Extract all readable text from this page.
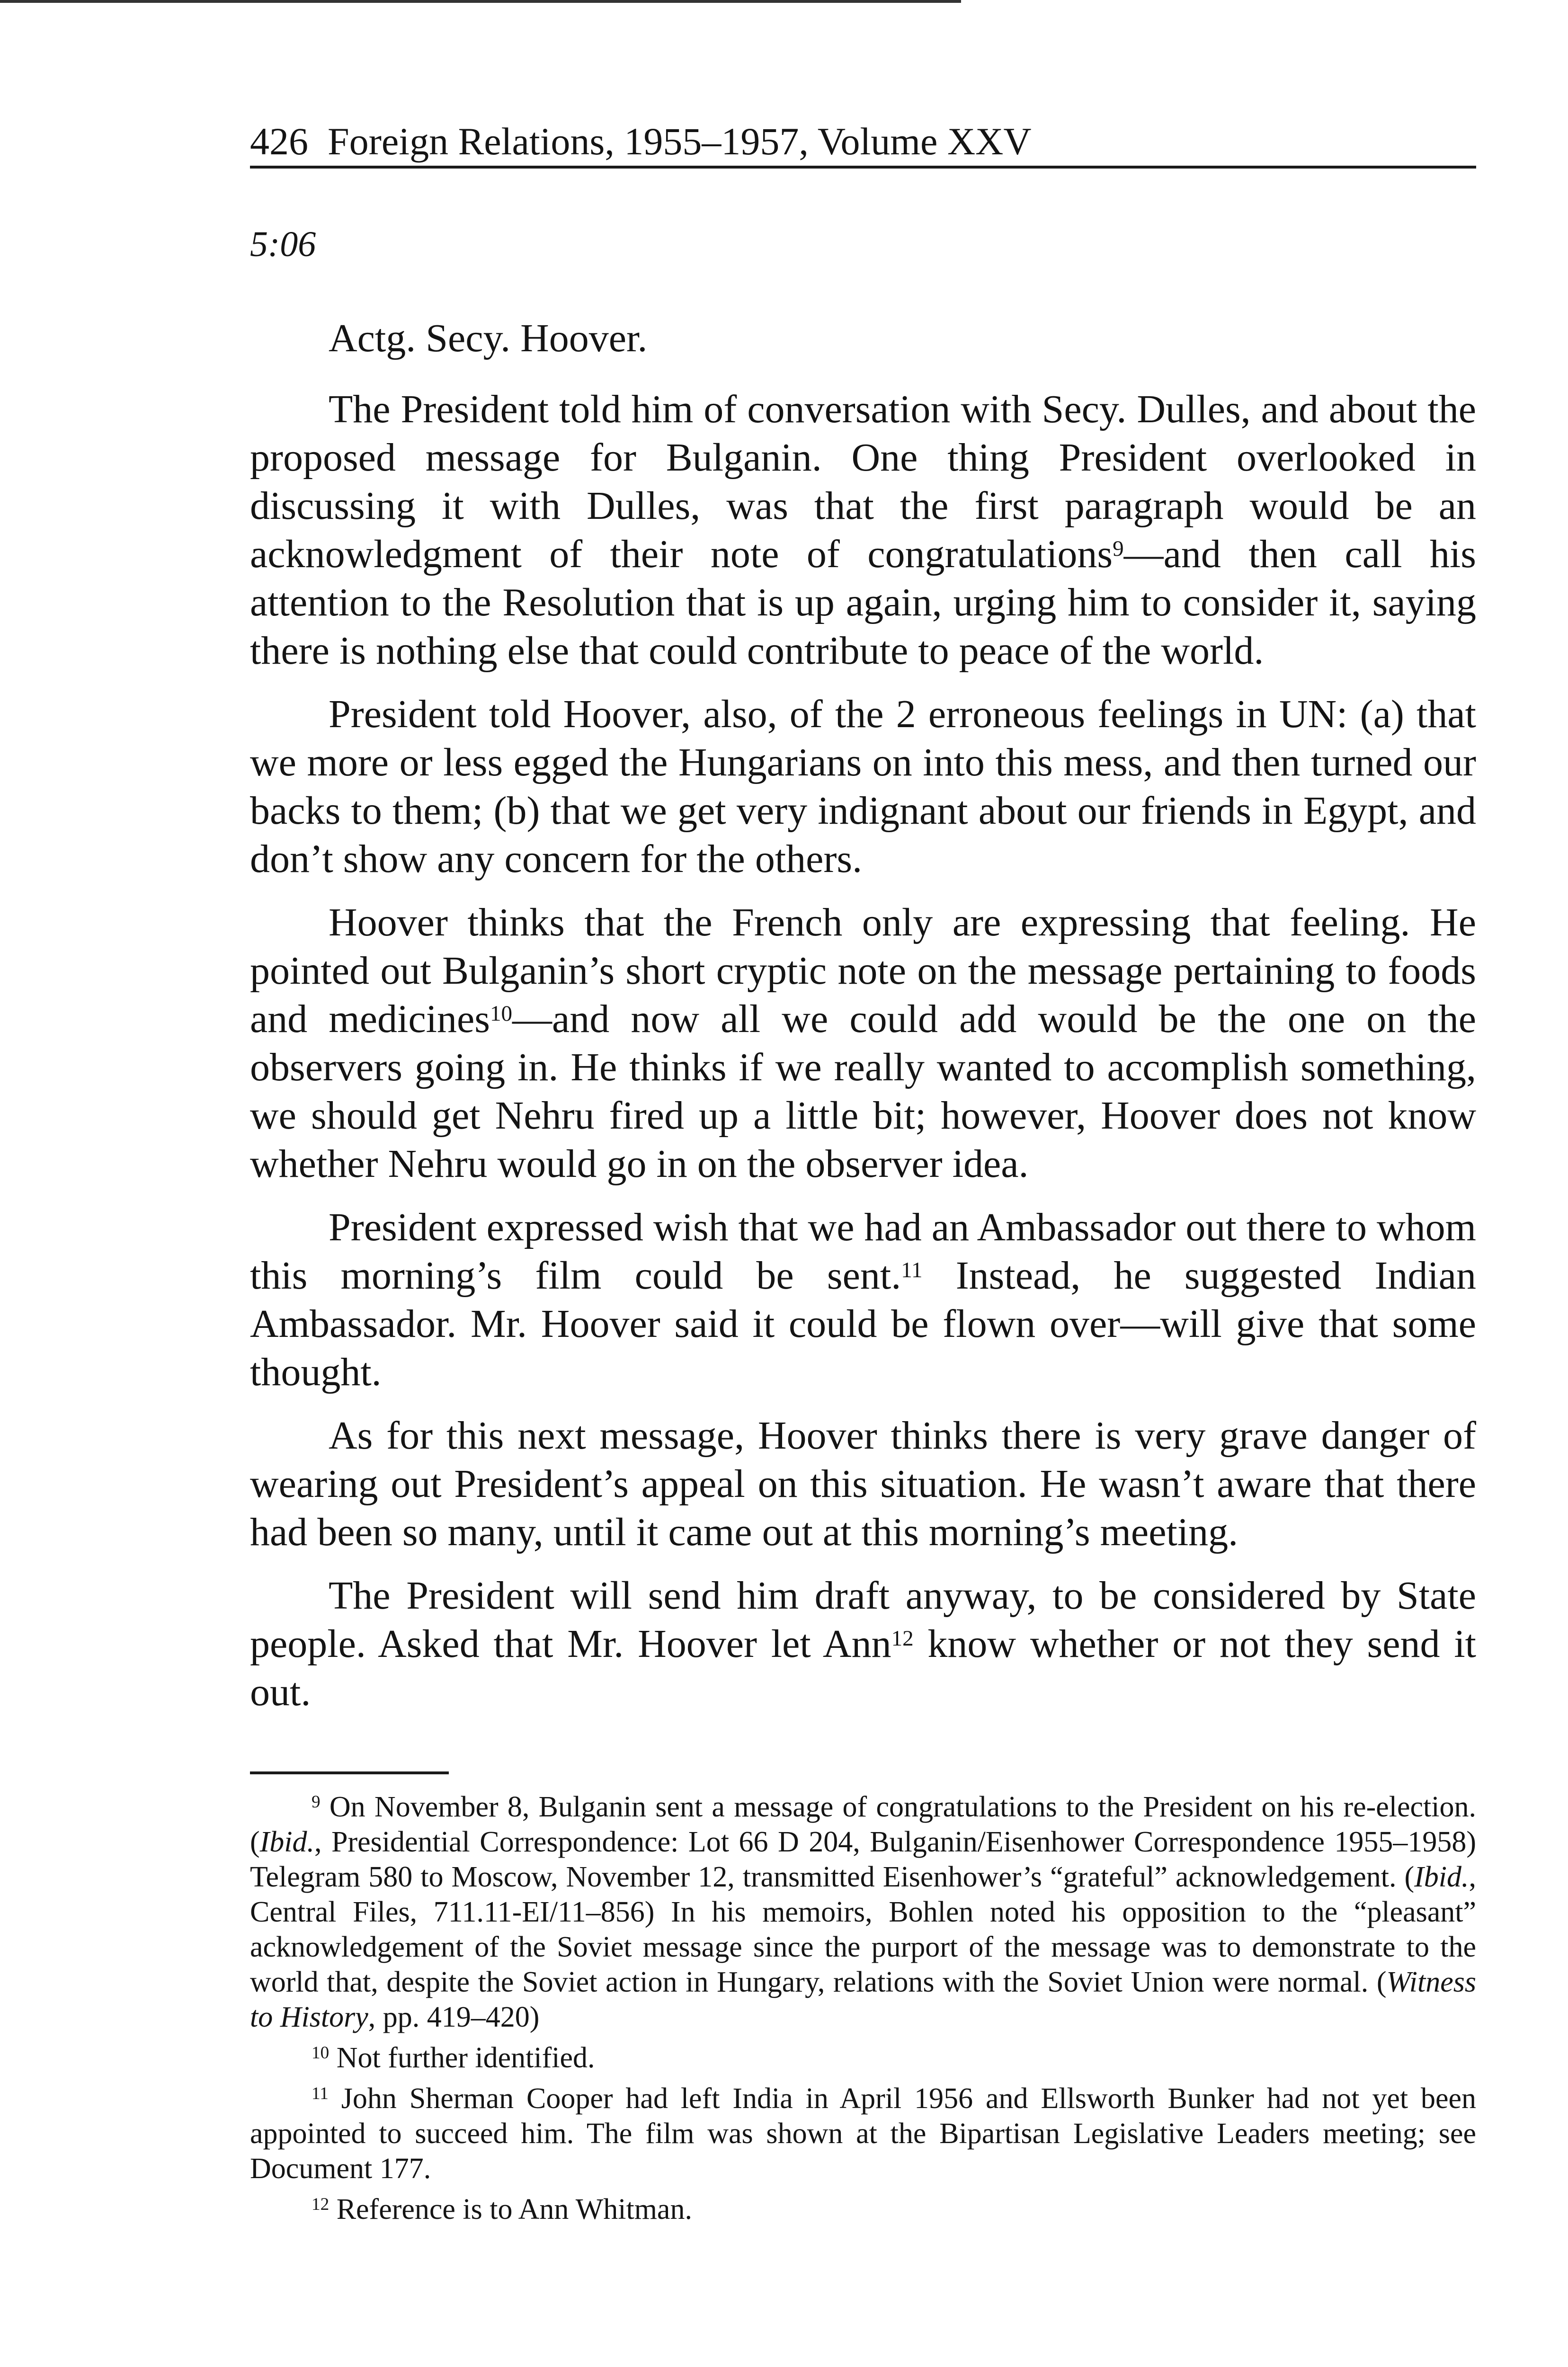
426 Foreign Relations, 1955–1957, Volume XXV
5:06

Actg. Secy. Hoover.

The President told him of conversation with Secy. Dulles, and about the proposed message for Bulganin. One thing President overlooked in discussing it with Dulles, was that the first paragraph would be an acknowledgment of their note of congratulations$^9$—and then call his attention to the Resolution that is up again, urging him to consider it, saying there is nothing else that could contribute to peace of the world.

President told Hoover, also, of the 2 erroneous feelings in UN: (a) that we more or less egged the Hungarians on into this mess, and then turned our backs to them; (b) that we get very indignant about our friends in Egypt, and don’t show any concern for the others.

Hoover thinks that the French only are expressing that feeling. He pointed out Bulganin’s short cryptic note on the message pertaining to foods and medicines$^{10}$—and now all we could add would be the one on the observers going in. He thinks if we really wanted to accomplish something, we should get Nehru fired up a little bit; however, Hoover does not know whether Nehru would go in on the observer idea.

President expressed wish that we had an Ambassador out there to whom this morning’s film could be sent.$^{11}$ Instead, he suggested Indian Ambassador. Mr. Hoover said it could be flown over—will give that some thought.

As for this next message, Hoover thinks there is very grave danger of wearing out President’s appeal on this situation. He wasn’t aware that there had been so many, until it came out at this morning’s meeting.

The President will send him draft anyway, to be considered by State people. Asked that Mr. Hoover let Ann$^{12}$ know whether or not they send it out.

$^9$ On November 8, Bulganin sent a message of congratulations to the President on his re-election. (Ibid., Presidential Correspondence: Lot 66 D 204, Bulganin/Eisenhower Correspondence 1955–1958) Telegram 580 to Moscow, November 12, transmitted Eisenhower’s “grateful” acknowledgement. (Ibid., Central Files, 711.11-EI/11–856) In his memoirs, Bohlen noted his opposition to the “pleasant” acknowledgement of the Soviet message since the purport of the message was to demonstrate to the world that, despite the Soviet action in Hungary, relations with the Soviet Union were normal. (Witness to History, pp. 419–420)

$^{10}$ Not further identified.

$^{11}$ John Sherman Cooper had left India in April 1956 and Ellsworth Bunker had not yet been appointed to succeed him. The film was shown at the Bipartisan Legislative Leaders meeting; see Document 177.

$^{12}$ Reference is to Ann Whitman.
